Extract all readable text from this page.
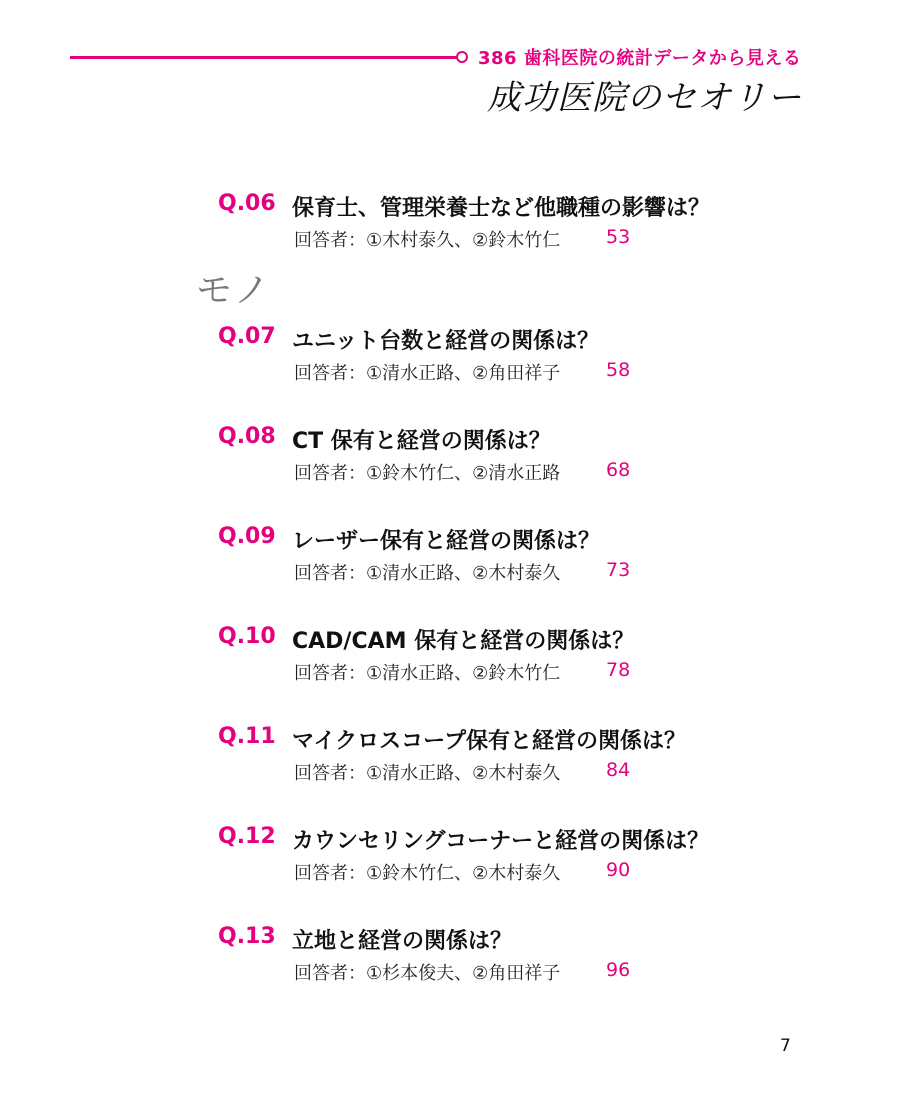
386 歯科医院の統計データから見える
成功医院のセオリー
モノ
Q.06 保育士、管理栄養士など他職種の影響は？
回答者：①木村泰久、②鈴木竹仁 53
Q.07 ユニット台数と経営の関係は？
回答者：①清水正路、②角田祥子 58
Q.08 CT 保有と経営の関係は？
回答者：①鈴木竹仁、②清水正路 68
Q.09 レーザー保有と経営の関係は？
回答者：①清水正路、②木村泰久 73
Q.10 CAD/CAM 保有と経営の関係は？
回答者：①清水正路、②鈴木竹仁 78
Q.11 マイクロスコープ保有と経営の関係は？
回答者：①清水正路、②木村泰久 84
Q.12 カウンセリングコーナーと経営の関係は？
回答者：①鈴木竹仁、②木村泰久 90
Q.13 立地と経営の関係は？
回答者：①杉本俊夫、②角田祥子 96
7
